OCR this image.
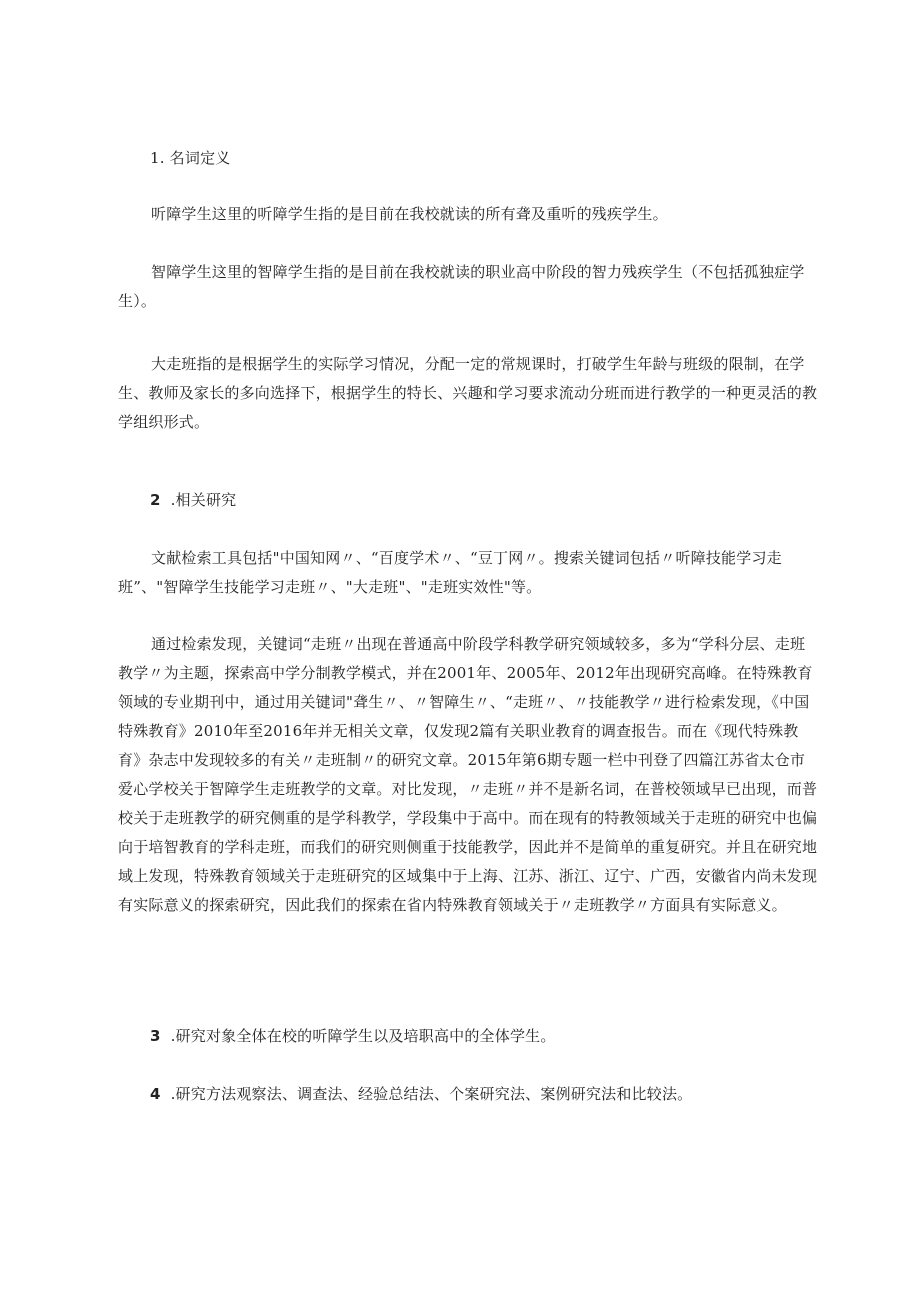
1. 名词定义

听障学生这里的听障学生指的是目前在我校就读的所有聋及重听的残疾学生。

智障学生这里的智障学生指的是目前在我校就读的职业高中阶段的智力残疾学生（不包括孤独症学生）。

大走班指的是根据学生的实际学习情况，分配一定的常规课时，打破学生年龄与班级的限制，在学生、教师及家长的多向选择下，根据学生的特长、兴趣和学习要求流动分班而进行教学的一种更灵活的教学组织形式。

2 .相关研究

文献检索工具包括"中国知网〃、“百度学术〃、“豆丁网〃。搜索关键词包括〃听障技能学习走班”、"智障学生技能学习走班〃、"大走班"、"走班实效性"等。

通过检索发现，关键词“走班〃出现在普通高中阶段学科教学研究领域较多，多为“学科分层、走班教学〃为主题，探索高中学分制教学模式，并在2001年、2005年、2012年出现研究高峰。在特殊教育领域的专业期刊中，通过用关键词"聋生〃、〃智障生〃、“走班〃、〃技能教学〃进行检索发现，《中国特殊教育》2010年至2016年并无相关文章，仅发现2篇有关职业教育的调查报告。而在《现代特殊教育》杂志中发现较多的有关〃走班制〃的研究文章。2015年第6期专题一栏中刊登了四篇江苏省太仓市爱心学校关于智障学生走班教学的文章。对比发现，〃走班〃并不是新名词，在普校领域早已出现，而普校关于走班教学的研究侧重的是学科教学，学段集中于高中。而在现有的特教领域关于走班的研究中也偏向于培智教育的学科走班，而我们的研究则侧重于技能教学，因此并不是简单的重复研究。并且在研究地域上发现，特殊教育领域关于走班研究的区域集中于上海、江苏、浙江、辽宁、广西，安徽省内尚未发现有实际意义的探索研究，因此我们的探索在省内特殊教育领域关于〃走班教学〃方面具有实际意义。

3 .研究对象全体在校的听障学生以及培职高中的全体学生。

4 .研究方法观察法、调查法、经验总结法、个案研究法、案例研究法和比较法。
